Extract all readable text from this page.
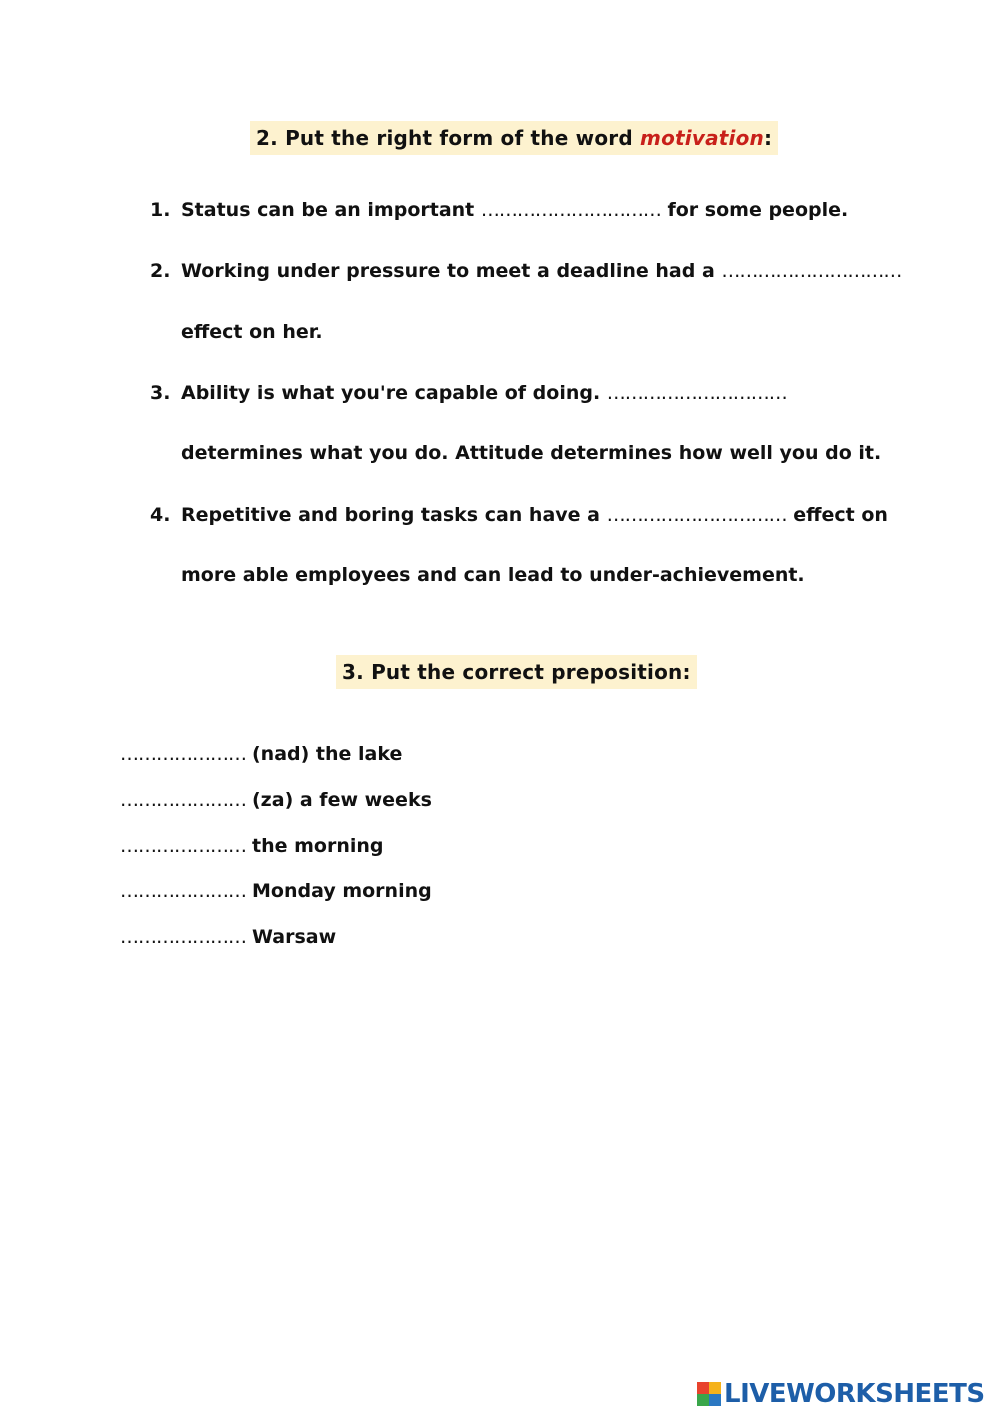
2. Put the right form of the word motivation:
1. Status can be an important ………………………… for some people.
2. Working under pressure to meet a deadline had a …………………………
effect on her.
3. Ability is what you're capable of doing. …………………………
determines what you do. Attitude determines how well you do it.
4. Repetitive and boring tasks can have a ………………………… effect on
more able employees and can lead to under-achievement.
3. Put the correct preposition:
………………… (nad) the lake
………………… (za) a few weeks
………………… the morning
………………… Monday morning
………………… Warsaw
LIVEWORKSHEETS
